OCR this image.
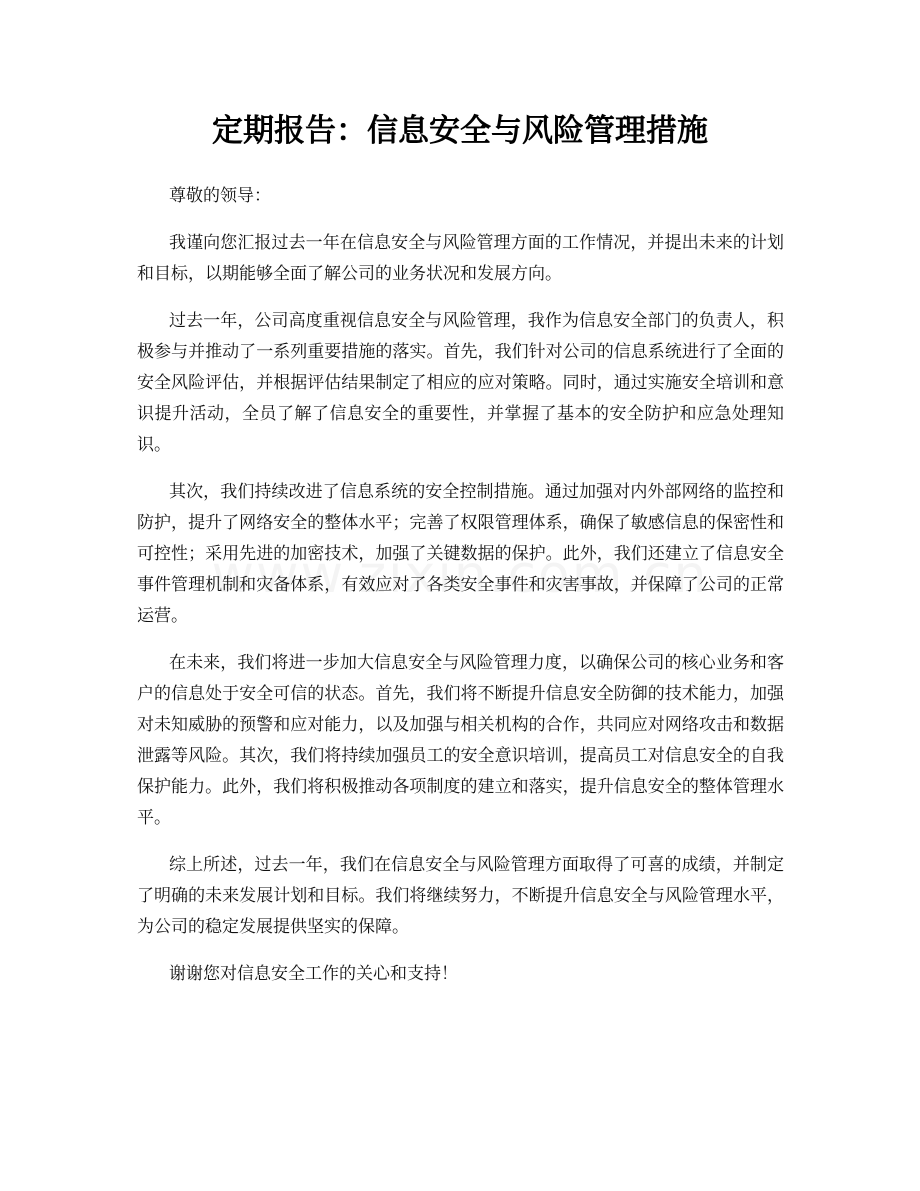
定期报告：信息安全与风险管理措施

尊敬的领导：

我谨向您汇报过去一年在信息安全与风险管理方面的工作情况，并提出未来的计划和目标，以期能够全面了解公司的业务状况和发展方向。

过去一年，公司高度重视信息安全与风险管理，我作为信息安全部门的负责人，积极参与并推动了一系列重要措施的落实。首先，我们针对公司的信息系统进行了全面的安全风险评估，并根据评估结果制定了相应的应对策略。同时，通过实施安全培训和意识提升活动，全员了解了信息安全的重要性，并掌握了基本的安全防护和应急处理知识。

其次，我们持续改进了信息系统的安全控制措施。通过加强对内外部网络的监控和防护，提升了网络安全的整体水平；完善了权限管理体系，确保了敏感信息的保密性和可控性；采用先进的加密技术，加强了关键数据的保护。此外，我们还建立了信息安全事件管理机制和灾备体系，有效应对了各类安全事件和灾害事故，并保障了公司的正常运营。

在未来，我们将进一步加大信息安全与风险管理力度，以确保公司的核心业务和客户的信息处于安全可信的状态。首先，我们将不断提升信息安全防御的技术能力，加强对未知威胁的预警和应对能力，以及加强与相关机构的合作，共同应对网络攻击和数据泄露等风险。其次，我们将持续加强员工的安全意识培训，提高员工对信息安全的自我保护能力。此外，我们将积极推动各项制度的建立和落实，提升信息安全的整体管理水平。

综上所述，过去一年，我们在信息安全与风险管理方面取得了可喜的成绩，并制定了明确的未来发展计划和目标。我们将继续努力，不断提升信息安全与风险管理水平，为公司的稳定发展提供坚实的保障。

谢谢您对信息安全工作的关心和支持！
